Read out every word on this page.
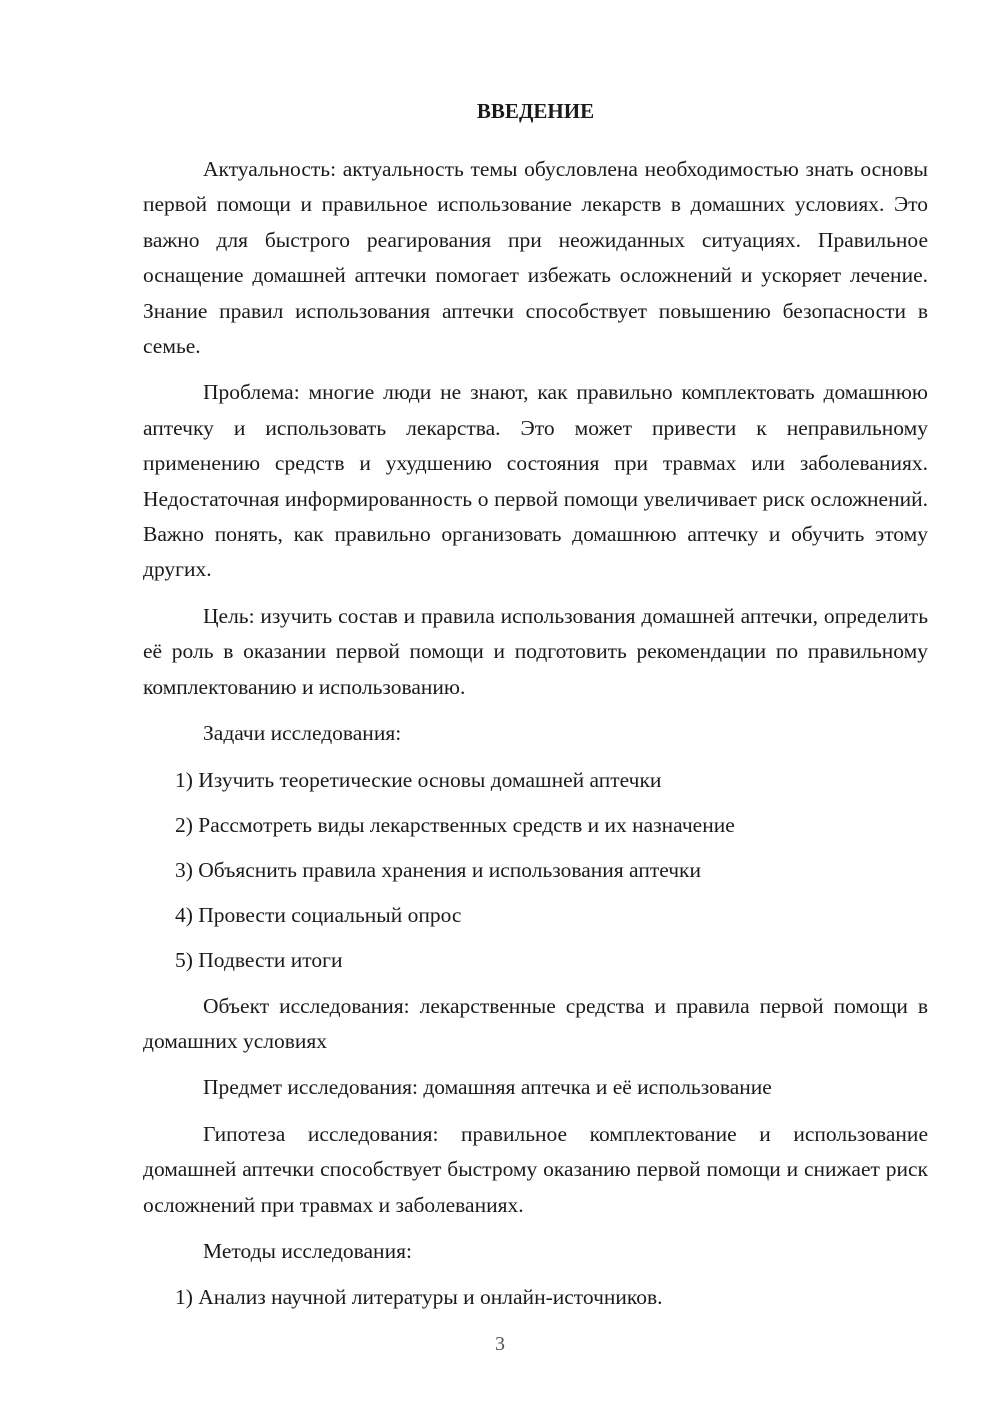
ВВЕДЕНИЕ

Актуальность: актуальность темы обусловлена необходимостью знать основы первой помощи и правильное использование лекарств в домашних условиях. Это важно для быстрого реагирования при неожиданных ситуациях. Правильное оснащение домашней аптечки помогает избежать осложнений и ускоряет лечение. Знание правил использования аптечки способствует повышению безопасности в семье.

Проблема: многие люди не знают, как правильно комплектовать домашнюю аптечку и использовать лекарства. Это может привести к неправильному применению средств и ухудшению состояния при травмах или заболеваниях. Недостаточная информированность о первой помощи увеличивает риск осложнений. Важно понять, как правильно организовать домашнюю аптечку и обучить этому других.

Цель: изучить состав и правила использования домашней аптечки, определить её роль в оказании первой помощи и подготовить рекомендации по правильному комплектованию и использованию.

Задачи исследования:

1) Изучить теоретические основы домашней аптечки
2) Рассмотреть виды лекарственных средств и их назначение
3) Объяснить правила хранения и использования аптечки
4) Провести социальный опрос
5) Подвести итоги

Объект исследования: лекарственные средства и правила первой помощи в домашних условиях

Предмет исследования: домашняя аптечка и её использование

Гипотеза исследования: правильное комплектование и использование домашней аптечки способствует быстрому оказанию первой помощи и снижает риск осложнений при травмах и заболеваниях.

Методы исследования:

1) Анализ научной литературы и онлайн-источников.
3
